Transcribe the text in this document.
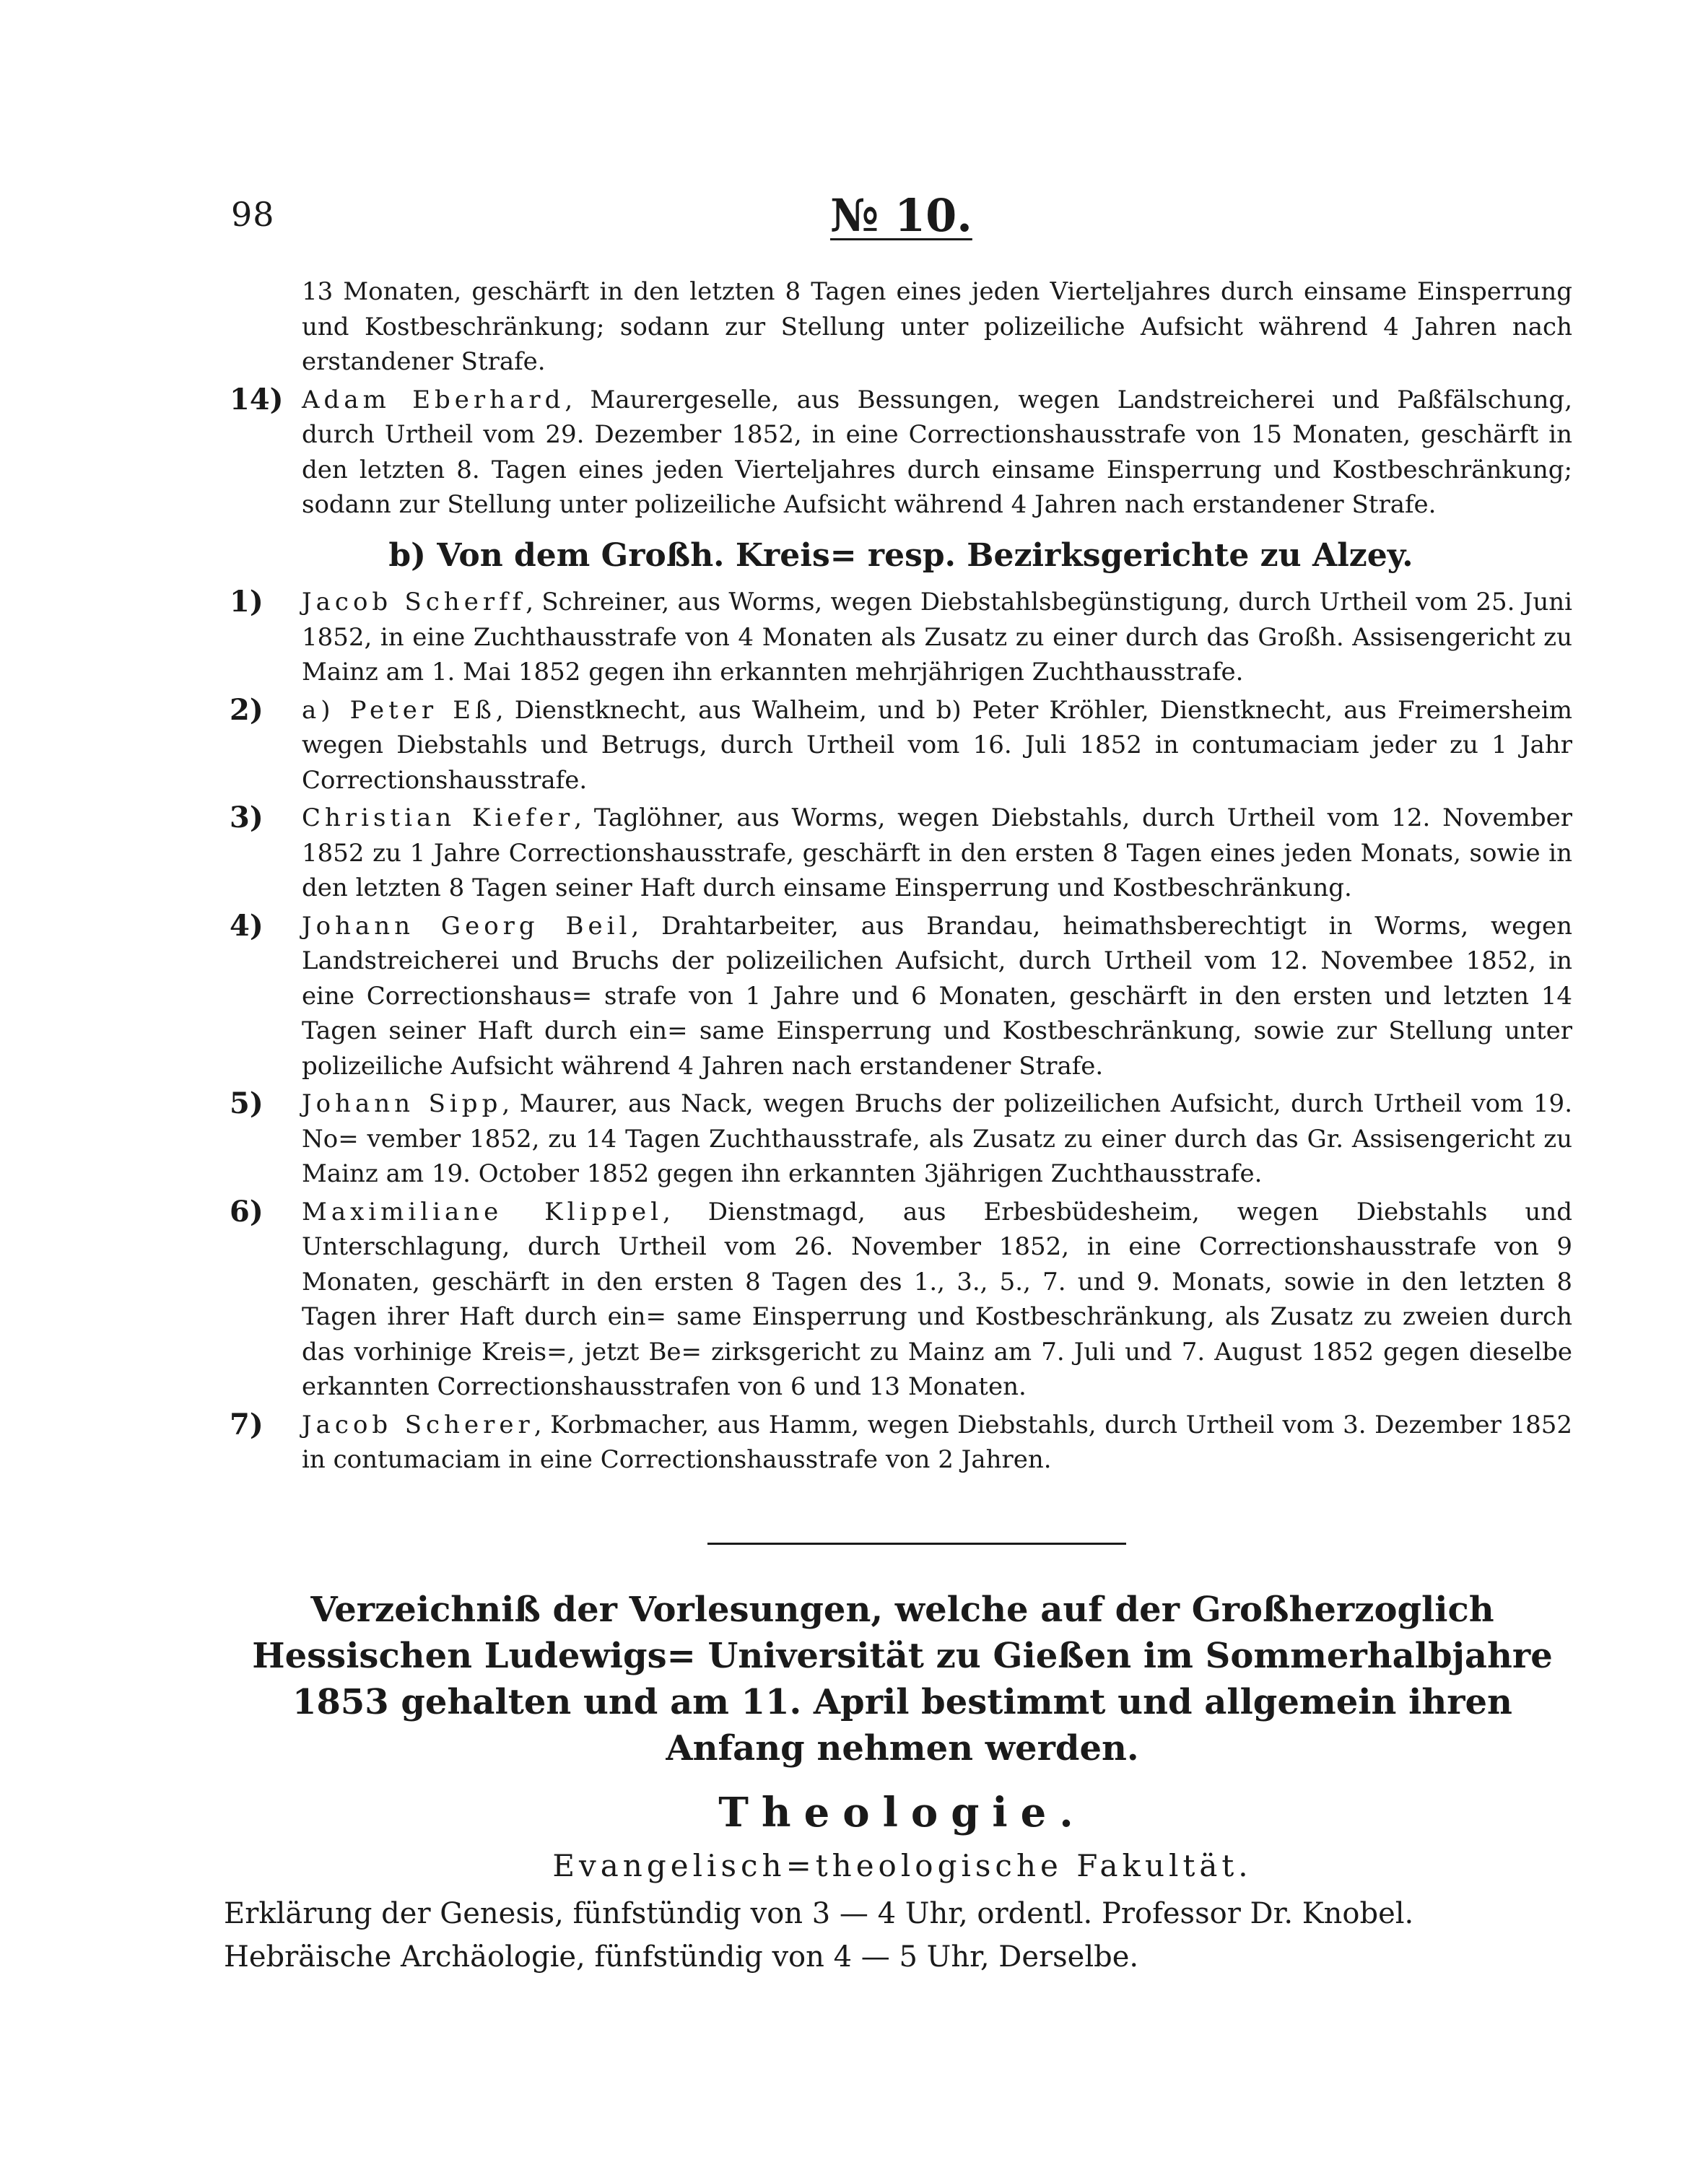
98	№ 10.

13 Monaten, geschärft in den letzten 8 Tagen eines jeden Vierteljahres durch einsame Einsperrung und Kostbeschränkung; sodann zur Stellung unter polizeiliche Aufsicht während 4 Jahren nach erstandener Strafe.

14) Adam Eberhard, Maurergeselle, aus Bessungen, wegen Landstreicherei und Paßfälschung, durch Urtheil vom 29. Dezember 1852, in eine Correctionshausstrafe von 15 Monaten, geschärft in den letzten 8. Tagen eines jeden Vierteljahres durch einsame Einsperrung und Kostbeschränkung; sodann zur Stellung unter polizeiliche Aufsicht während 4 Jahren nach erstandener Strafe.
b) Von dem Großh. Kreis= resp. Bezirksgerichte zu Alzey.
1)	Jacob Scherff, Schreiner, aus Worms, wegen Diebstahlsbegünstigung, durch Urtheil vom 25. Juni 1852, in eine Zuchthausstrafe von 4 Monaten als Zusatz zu einer durch das Großh. Assisengericht zu Mainz am 1. Mai 1852 gegen ihn erkannten mehrjährigen Zuchthausstrafe.
2)	a) Peter Eß, Dienstknecht, aus Walheim, und b) Peter Kröhler, Dienstknecht, aus Freimersheim wegen Diebstahls und Betrugs, durch Urtheil vom 16. Juli 1852 in contumaciam jeder zu 1 Jahr Correctionshausstrafe.
3)	Christian Kiefer, Taglöhner, aus Worms, wegen Diebstahls, durch Urtheil vom 12. November 1852 zu 1 Jahre Correctionshausstrafe, geschärft in den ersten 8 Tagen eines jeden Monats, sowie in den letzten 8 Tagen seiner Haft durch einsame Einsperrung und Kostbeschränkung.
4)	Johann Georg Beil, Drahtarbeiter, aus Brandau, heimathsberechtigt in Worms, wegen Landstreicherei und Bruchs der polizeilichen Aufsicht, durch Urtheil vom 12. Novembee 1852, in eine Correctionshaus= strafe von 1 Jahre und 6 Monaten, geschärft in den ersten und letzten 14 Tagen seiner Haft durch ein= same Einsperrung und Kostbeschränkung, sowie zur Stellung unter polizeiliche Aufsicht während 4 Jahren nach erstandener Strafe.
5)	Johann Sipp, Maurer, aus Nack, wegen Bruchs der polizeilichen Aufsicht, durch Urtheil vom 19. No= vember 1852, zu 14 Tagen Zuchthausstrafe, als Zusatz zu einer durch das Gr. Assisengericht zu Mainz am 19. October 1852 gegen ihn erkannten 3jährigen Zuchthausstrafe.
6)	Maximiliane Klippel, Dienstmagd, aus Erbesbüdesheim, wegen Diebstahls und Unterschlagung, durch Urtheil vom 26. November 1852, in eine Correctionshausstrafe von 9 Monaten, geschärft in den ersten 8 Tagen des 1., 3., 5., 7. und 9. Monats, sowie in den letzten 8 Tagen ihrer Haft durch ein= same Einsperrung und Kostbeschränkung, als Zusatz zu zweien durch das vorhinige Kreis=, jetzt Be= zirksgericht zu Mainz am 7. Juli und 7. August 1852 gegen dieselbe erkannten Correctionshausstrafen von 6 und 13 Monaten.
7)	Jacob Scherer, Korbmacher, aus Hamm, wegen Diebstahls, durch Urtheil vom 3. Dezember 1852 in contumaciam in eine Correctionshausstrafe von 2 Jahren.

Verzeichniß der Vorlesungen, welche auf der Großherzoglich Hessischen Ludewigs= Universität zu Gießen im Sommerhalbjahre 1853 gehalten und am 11. April bestimmt und allgemein ihren Anfang nehmen werden.

Theologie.
Evangelisch=theologische Fakultät.

Erklärung der Genesis, fünfstündig von 3 — 4 Uhr, ordentl. Professor Dr. Knobel.

Hebräische Archäologie, fünfstündig von 4 — 5 Uhr, Derselbe.
